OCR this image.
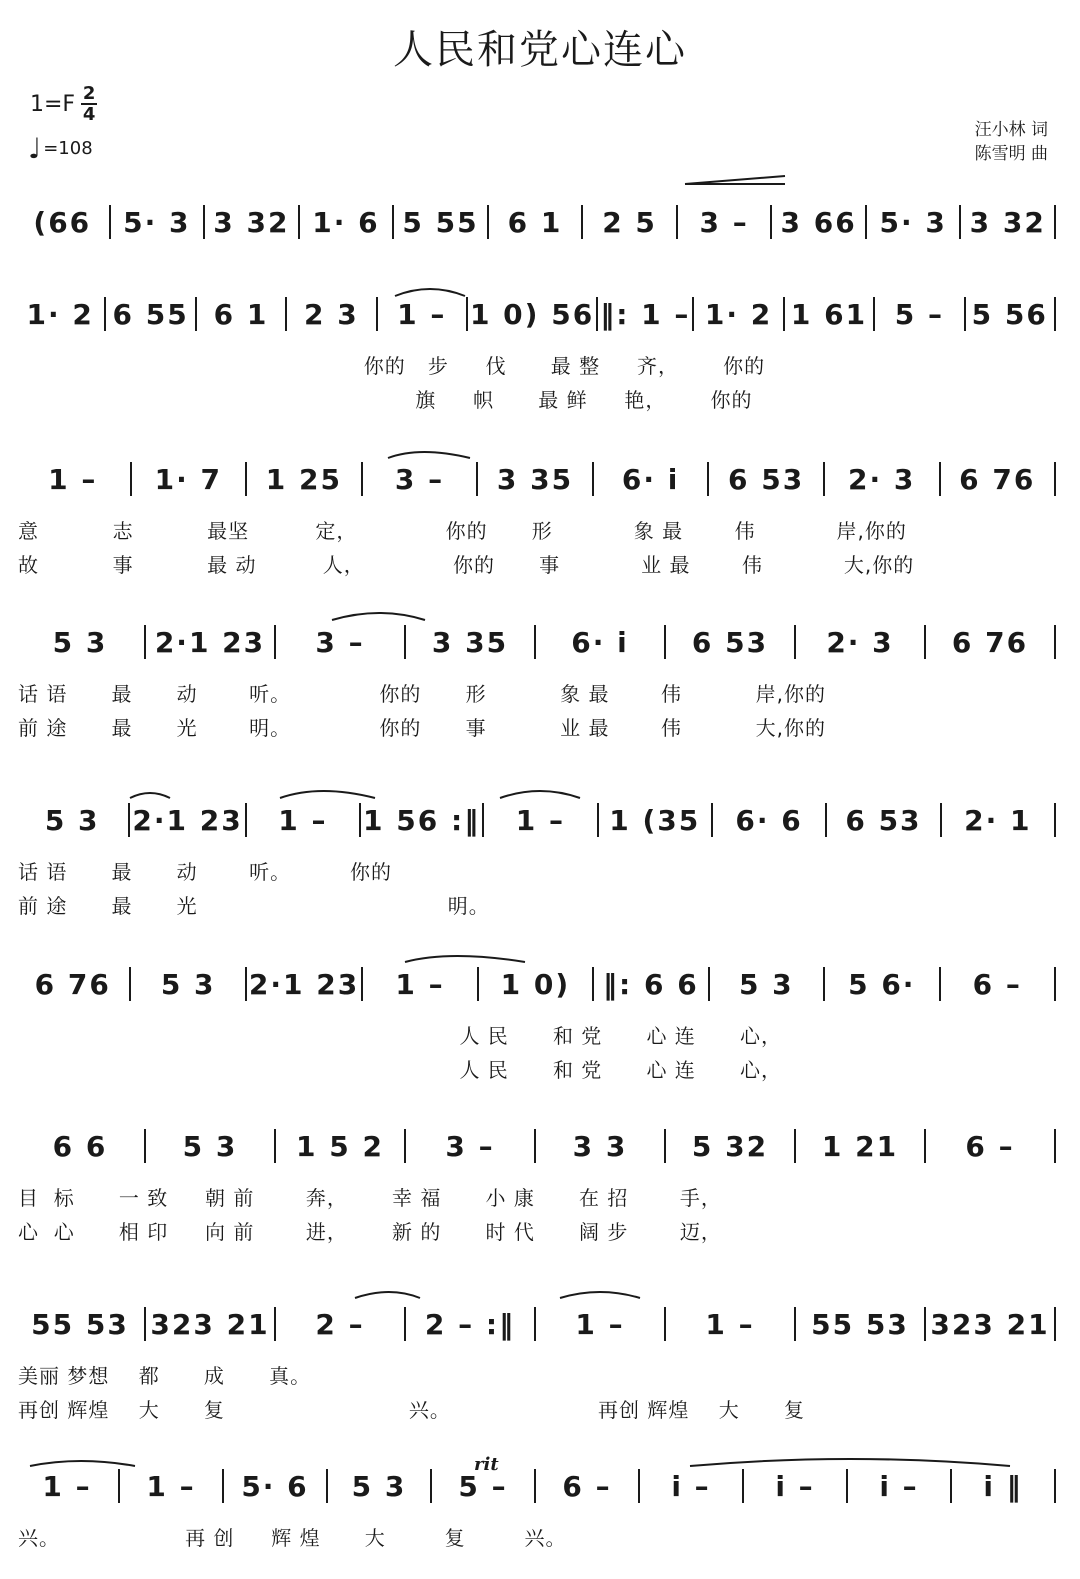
人民和党心连心
$1=F \frac{2}{4}$
♩ =108
汪小林 词
陈雪明 曲
(66	5· 3 3 32 1· 6 5 55	6 1	2 5	3 –	3 66 5· 3 3 32
1· 2 6 55 6 1	2 3	1 – 1 0) 56 ‖: 1 – 1· 2 1 61 5 – 5 56
你的   步     伐      最 整     齐，      你的
旗     帜      最 鲜     艳，      你的
1 –	1· 7	1 25	3 –	3 35	6· i	6 53	2· 3	6 76
意          志          最坚         定，            你的      形           象 最       伟           岸,你的
故          事          最 动         人，            你的      事           业 最       伟           大,你的
5 3	2·1 23	3 –	3 35	6· i	6 53	2· 3	6 76
话 语      最      动       听。            你的      形          象 最       伟          岸,你的
前 途      最      光       明。            你的      事          业 最       伟          大,你的
5 3	2·1 23	1 –	1 56 :‖	1 –	1 (35	6· 6	6 53	2· 1
话 语      最      动       听。        你的
前 途      最      光                                  明。
6 76	5 3	2·1 23	1 –	1 0)	‖: 6 6	5 3	5 6·	6 –
人 民      和 党      心 连      心，
人 民      和 党      心 连      心，
6 6	5 3	1 5 2	3 –	3 3	5 32	1 21	6 –
目  标      一 致     朝 前       奔，      幸 福      小 康      在 招       手，
心  心      相 印     向 前       进，      新 的      时 代      阔 步       迈，
55 53 323 21	2 –	2 – :‖	1 –	1 –	55 53 323 21
美丽 梦想    都      成      真。
再创 辉煌    大      复                         兴。                    再创 辉煌    大      复
1 –	1 –	5· 6	5 3	5 –	6 –	i –	i –	i –	i ‖
兴。                 再 创     辉 煌      大        复        兴。
rit
